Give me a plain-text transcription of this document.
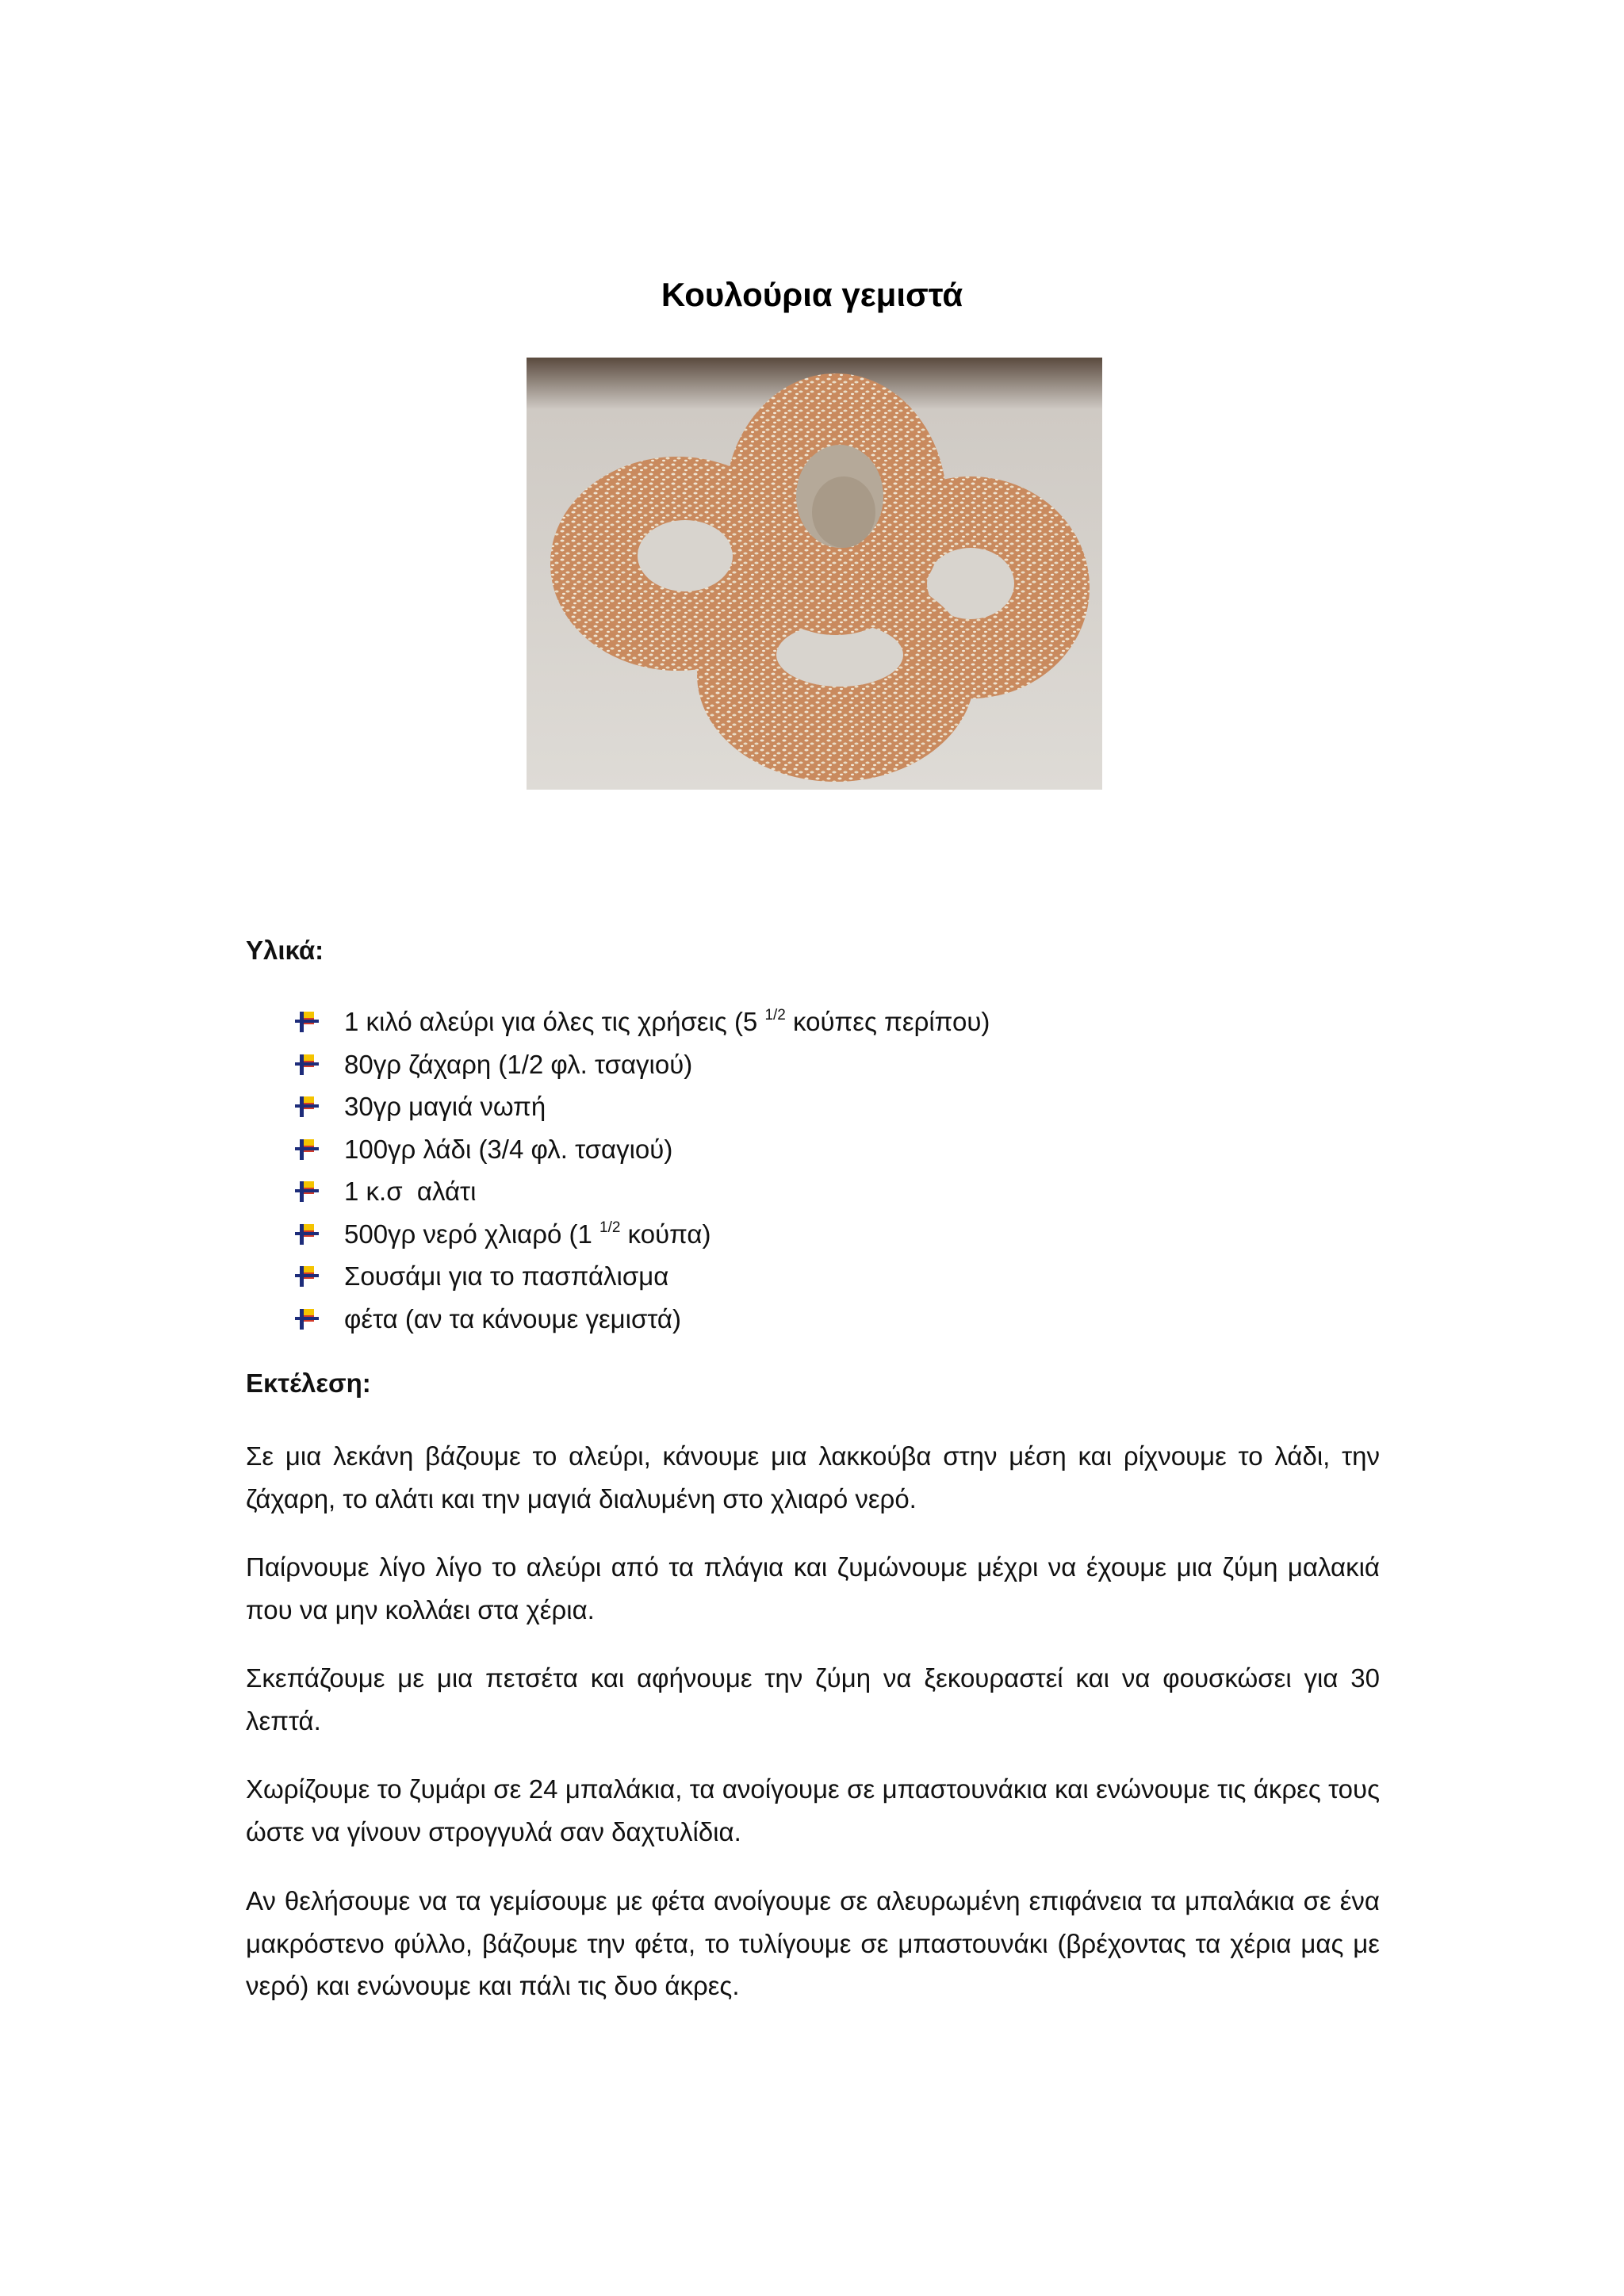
Κουλούρια γεμιστά
Υλικά:
1 κιλό αλεύρι για όλες τις χρήσεις (5 $^{1/2}$ κούπες περίπου)
80γρ ζάχαρη (1/2 φλ. τσαγιού)
30γρ μαγιά νωπή
100γρ λάδι (3/4 φλ. τσαγιού)
1 κ.σ  αλάτι
500γρ νερό χλιαρό (1 $^{1/2}$ κούπα)
Σουσάμι για το πασπάλισμα
φέτα (αν τα κάνουμε γεμιστά)
Εκτέλεση:

Σε μια λεκάνη βάζουμε το αλεύρι, κάνουμε μια λακκούβα στην μέση και ρίχνουμε το λάδι, την ζάχαρη, το αλάτι και την μαγιά διαλυμένη στο χλιαρό νερό.

Παίρνουμε λίγο λίγο το αλεύρι από τα πλάγια και ζυμώνουμε μέχρι να έχουμε μια ζύμη μαλακιά που να μην κολλάει στα χέρια.

Σκεπάζουμε με μια πετσέτα και αφήνουμε την ζύμη να ξεκουραστεί και να φουσκώσει για 30 λεπτά.

Χωρίζουμε το ζυμάρι σε 24 μπαλάκια, τα ανοίγουμε σε μπαστουνάκια και ενώνουμε τις άκρες τους ώστε να γίνουν στρογγυλά σαν δαχτυλίδια.

Αν θελήσουμε να τα γεμίσουμε με φέτα ανοίγουμε σε αλευρωμένη επιφάνεια τα μπαλάκια σε ένα μακρόστενο φύλλο, βάζουμε την φέτα, το τυλίγουμε σε μπαστουνάκι (βρέχοντας τα χέρια μας με νερό) και ενώνουμε και πάλι τις δυο άκρες.
